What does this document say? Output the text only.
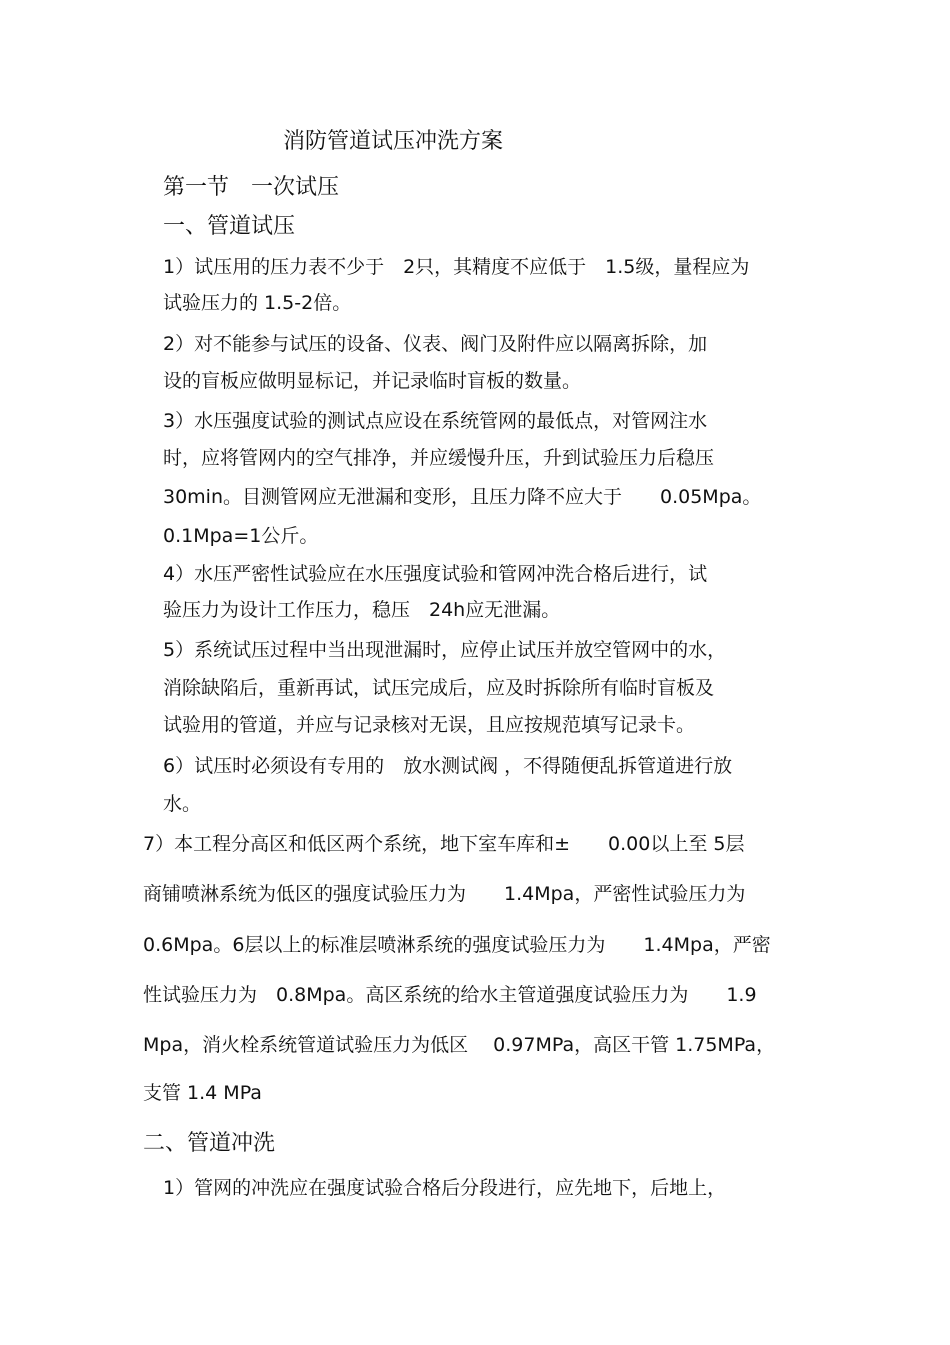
消防管道试压冲洗方案
第一节　一次试压
一、管道试压
1）试压用的压力表不少于　2只，其精度不应低于　1.5级，量程应为
试验压力的 1.5-2倍。
2）对不能参与试压的设备、仪表、阀门及附件应以隔离拆除，加
设的盲板应做明显标记，并记录临时盲板的数量。
3）水压强度试验的测试点应设在系统管网的最低点，对管网注水
时，应将管网内的空气排净，并应缓慢升压，升到试验压力后稳压
30min。目测管网应无泄漏和变形，且压力降不应大于　　0.05Mpa。
0.1Mpa=1公斤。
4）水压严密性试验应在水压强度试验和管网冲洗合格后进行，试
验压力为设计工作压力，稳压　24h应无泄漏。
5）系统试压过程中当出现泄漏时，应停止试压并放空管网中的水，
消除缺陷后，重新再试，试压完成后，应及时拆除所有临时盲板及
试验用的管道，并应与记录核对无误，且应按规范填写记录卡。
6）试压时必须设有专用的　放水测试阀 ，不得随便乱拆管道进行放
水。
7）本工程分高区和低区两个系统，地下室车库和±　　0.00以上至 5层
商铺喷淋系统为低区的强度试验压力为　　1.4Mpa，严密性试验压力为
0.6Mpa。6层以上的标准层喷淋系统的强度试验压力为　　1.4Mpa，严密
性试验压力为　0.8Mpa。高区系统的给水主管道强度试验压力为　　1.9
Mpa，消火栓系统管道试验压力为低区　 0.97MPa，高区干管 1.75MPa，
支管 1.4 MPa
二、管道冲洗
1）管网的冲洗应在强度试验合格后分段进行，应先地下，后地上，
